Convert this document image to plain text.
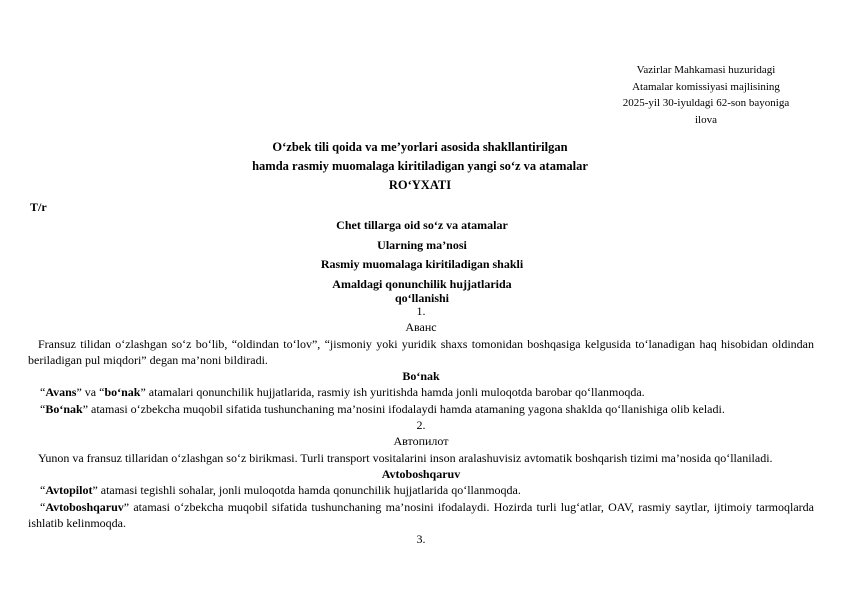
Vazirlar Mahkamasi huzuridagi
Atamalar komissiyasi majlisining
2025-yil 30-iyuldagi 62-son bayoniga
ilova
O‘zbek tili qoida va me’yorlari asosida shakllantirilgan
hamda rasmiy muomalaga kiritiladigan yangi so‘z va atamalar
RO‘YXATI
T/r
Chet tillarga oid so‘z va atamalar
Ularning ma’nosi
Rasmiy muomalaga kiritiladigan shakli
Amaldagi qonunchilik hujjatlarida
qo‘llanishi
1.
Аванс
Fransuz tilidan o‘zlashgan so‘z bo‘lib, “oldindan to‘lov”, “jismoniy yoki yuridik shaxs tomonidan boshqasiga kelgusida to‘lanadigan haq hisobidan oldindan beriladigan pul miqdori” degan ma’noni bildiradi.
Bo‘nak
“Avans” va “bo‘nak” atamalari qonunchilik hujjatlarida, rasmiy ish yuritishda hamda jonli muloqotda barobar qo‘llanmoqda.
“Bo‘nak” atamasi o‘zbekcha muqobil sifatida tushunchaning ma’nosini ifodalaydi hamda atamaning yagona shaklda qo‘llanishiga olib keladi.
2.
Автопилот
Yunon va fransuz tillaridan o‘zlashgan so‘z birikmasi. Turli transport vositalarini inson aralashuvisiz avtomatik boshqarish tizimi ma’nosida qo‘llaniladi.
Avtoboshqaruv
“Avtopilot” atamasi tegishli sohalar, jonli muloqotda hamda qonunchilik hujjatlarida qo‘llanmoqda.
“Avtoboshqaruv” atamasi o‘zbekcha muqobil sifatida tushunchaning ma’nosini ifodalaydi. Hozirda turli lug‘atlar, OAV, rasmiy saytlar, ijtimoiy tarmoqlarda ishlatib kelinmoqda.
3.
